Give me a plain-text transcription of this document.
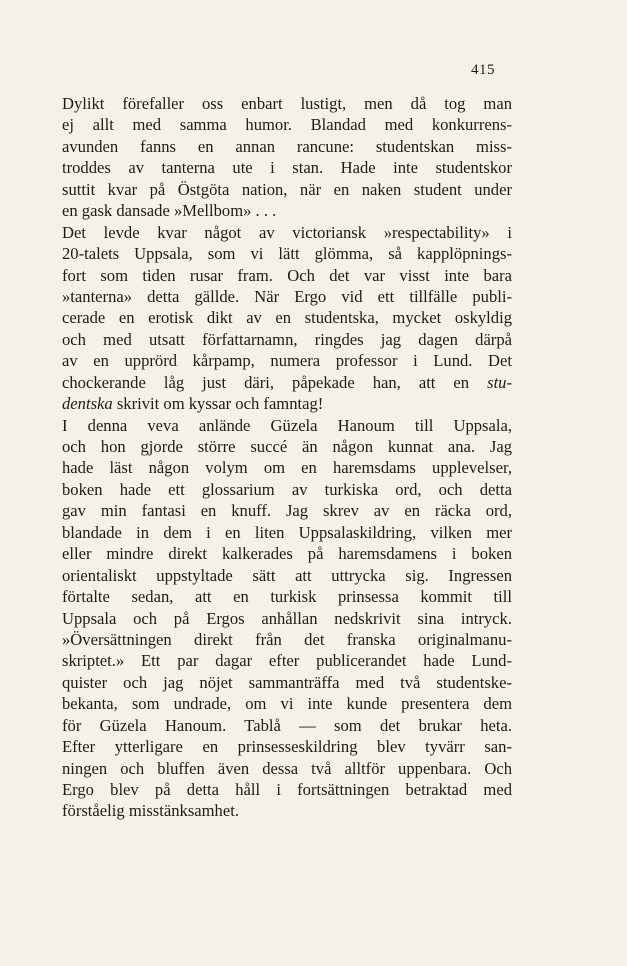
415
Dylikt förefaller oss enbart lustigt, men då tog man
ej allt med samma humor. Blandad med konkurrens-
avunden fanns en annan rancune: studentskan miss-
troddes av tanterna ute i stan. Hade inte studentskor
suttit kvar på Östgöta nation, när en naken student under
en gask dansade »Mellbom» . . .
Det levde kvar något av victoriansk »respectability» i
20-talets Uppsala, som vi lätt glömma, så kapplöpnings-
fort som tiden rusar fram. Och det var visst inte bara
»tanterna» detta gällde. När Ergo vid ett tillfälle publi-
cerade en erotisk dikt av en studentska, mycket oskyldig
och med utsatt författarnamn, ringdes jag dagen därpå
av en upprörd kårpamp, numera professor i Lund. Det
chockerande låg just däri, påpekade han, att en stu-
dentska skrivit om kyssar och famntag!
I denna veva anlände Güzela Hanoum till Uppsala,
och hon gjorde större succé än någon kunnat ana. Jag
hade läst någon volym om en haremsdams upplevelser,
boken hade ett glossarium av turkiska ord, och detta
gav min fantasi en knuff. Jag skrev av en räcka ord,
blandade in dem i en liten Uppsalaskildring, vilken mer
eller mindre direkt kalkerades på haremsdamens i boken
orientaliskt uppstyltade sätt att uttrycka sig. Ingressen
förtalte sedan, att en turkisk prinsessa kommit till
Uppsala och på Ergos anhållan nedskrivit sina intryck.
»Översättningen direkt från det franska originalmanu-
skriptet.» Ett par dagar efter publicerandet hade Lund-
quister och jag nöjet sammanträffa med två studentske-
bekanta, som undrade, om vi inte kunde presentera dem
för Güzela Hanoum. Tablå — som det brukar heta.
Efter ytterligare en prinsesseskildring blev tyvärr san-
ningen och bluffen även dessa två alltför uppenbara. Och
Ergo blev på detta håll i fortsättningen betraktad med
förståelig misstänksamhet.
